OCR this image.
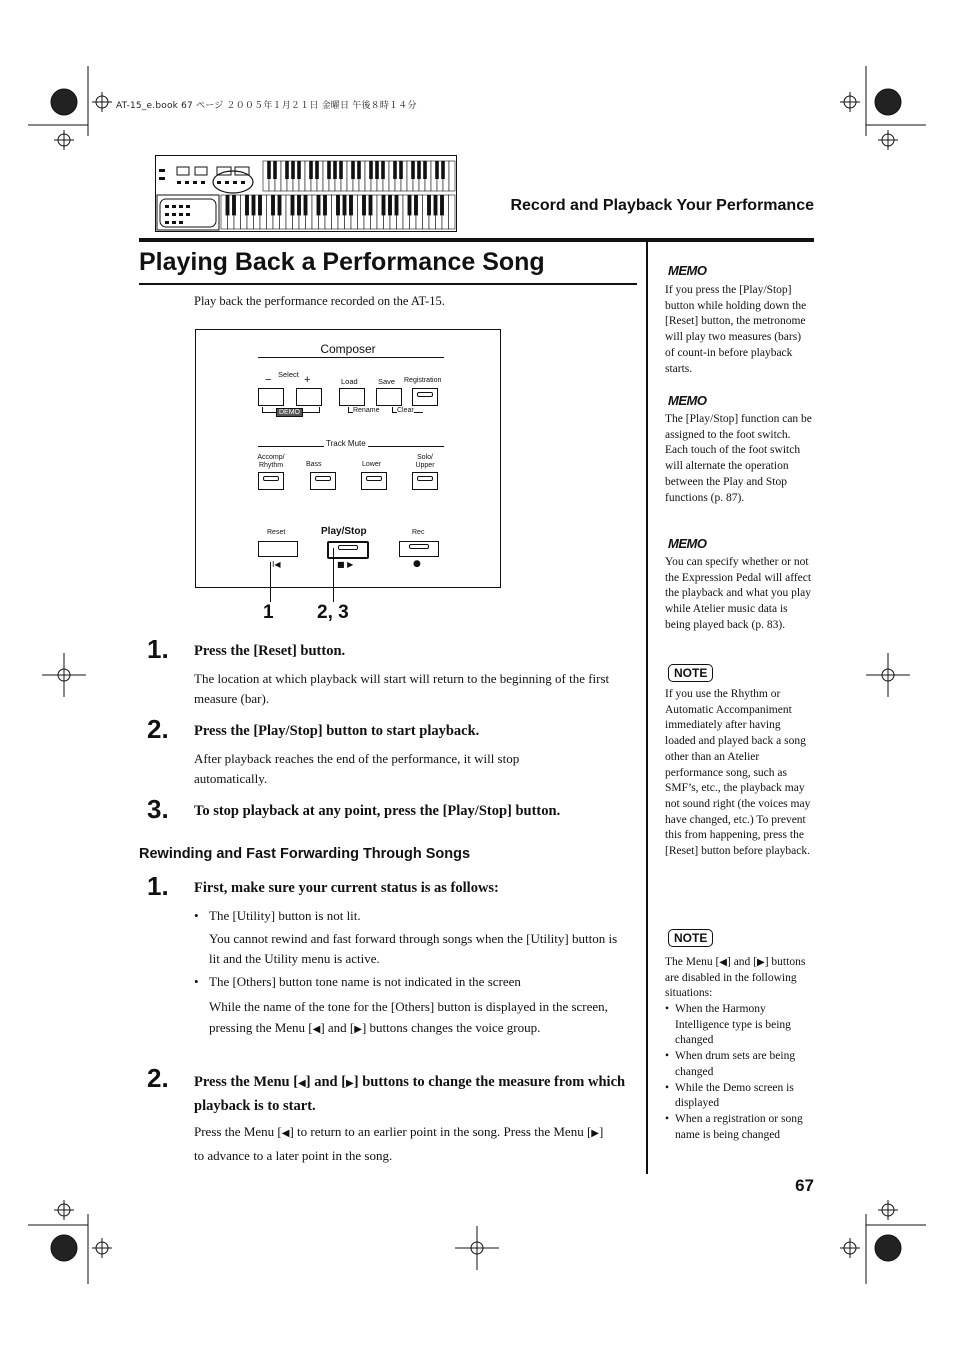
AT-15_e.book 67 ページ ２００５年１月２１日 金曜日 午後８時１４分
Record and Playback Your Performance
Playing Back a Performance Song
Play back the performance recorded on the AT-15.
Composer
Select
−	+	Load	Save Registration
DEMO	Rename	Clear
Track Mute
Accomp/ Rhythm	Bass	Lower
Solo/ Upper
Reset	Play/Stop	Rec
I◀	■ ▶	●
1 2, 3
1. Press the [Reset] button.
The location at which playback will start will return to the beginning of the first measure (bar).
2. Press the [Play/Stop] button to start playback.
After playback reaches the end of the performance, it will stop automatically.
3. To stop playback at any point, press the [Play/Stop] button.
Rewinding and Fast Forwarding Through Songs
1. First, make sure your current status is as follows:
• The [Utility] button is not lit.
You cannot rewind and fast forward through songs when the [Utility] button is lit and the Utility menu is active.
• The [Others] button tone name is not indicated in the screen
While the name of the tone for the [Others] button is displayed in the screen, pressing the Menu [◀] and [▶] buttons changes the voice group.
2. Press the Menu [◀] and [▶] buttons to change the measure from which playback is to start.
Press the Menu [◀] to return to an earlier point in the song. Press the Menu [▶] to advance to a later point in the song.
MEMO
If you press the [Play/Stop] button while holding down the [Reset] button, the metronome will play two measures (bars) of count-in before playback starts.
MEMO
The [Play/Stop] function can be assigned to the foot switch. Each touch of the foot switch will alternate the operation between the Play and Stop functions (p. 87).
MEMO
You can specify whether or not the Expression Pedal will affect the playback and what you play while Atelier music data is being played back (p. 83).
NOTE
If you use the Rhythm or Automatic Accompaniment immediately after having loaded and played back a song other than an Atelier performance song, such as SMF’s, etc., the playback may not sound right (the voices may have changed, etc.) To prevent this from happening, press the [Reset] button before playback.
NOTE
The Menu [◀] and [▶] buttons are disabled in the following situations:
• When the Harmony Intelligence type is being changed
• When drum sets are being changed
• While the Demo screen is displayed
• When a registration or song name is being changed
67
